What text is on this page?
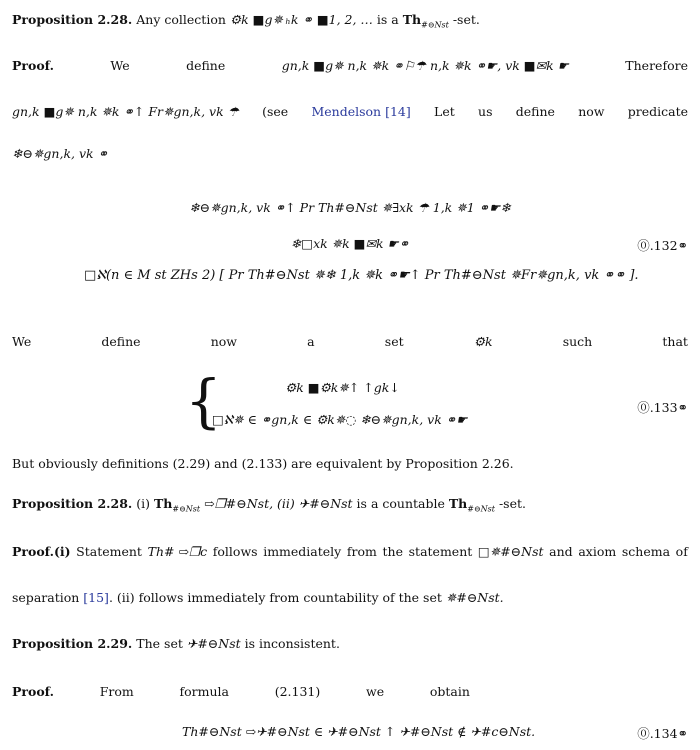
Proposition 2.28. Any collection ⚙k ■g✵ ₕk ⚭ ■1, 2, … is a $Th_{\#⊖Nst}$ -set.
Proof.	We	define	gn,k ■g✵ n,k ✵k ⚭⚐☂ n,k ✵k ⚭☛, vk ■✉k ☛	Therefore
gn,k ■g✵ n,k ✵k ⚭↑ Fr✵gn,k, vk ☂ (see Mendelson [14] Let us define now predicate
❄⊖✵gn,k, vk ⚭
❄⊖✵gn,k, vk ⚭↑ Pr Th#⊖Nst ✵∃xk ☂ 1,k ✵1 ⚭☛❄
❄□xk ✵k ■✉k ☛⚭	⓪.132⚭
□ℵ(n ∈ M st ZHs 2) [ Pr Th#⊖Nst ✵❄ 1,k ✵k ⚭☛↑ Pr Th#⊖Nst ✵Fr✵gn,k, vk ⚭⚭ ].
We	define	now	a	set	⚙k	such	that
{	⚙k ■⚙k✵↑ ↑gk↓
□ℵ✵ ∈ ⚭gn,k ∈ ⚙k✵◌ ❄⊖✵gn,k, vk ⚭☛
⓪.133⚭
But obviously definitions (2.29) and (2.133) are equivalent by Proposition 2.26.
Proposition 2.28. (i) $Th_{\#⊖Nst}$ ⇨❐#⊖Nst, (ii) ✈#⊖Nst is a countable $Th_{\#⊖Nst}$ -set.
Proof.(i) Statement Th# ⇨❐c follows immediately from the statement □✵#⊖Nst and axiom schema of
separation [15]. (ii) follows immediately from countability of the set ✵#⊖Nst.
Proposition 2.29. The set ✈#⊖Nst is inconsistent.
Proof.	From	formula	(2.131)	we	obtain
Th#⊖Nst ⇨✈#⊖Nst ∈ ✈#⊖Nst ↑ ✈#⊖Nst ∉ ✈#c⊖Nst.	⓪.134⚭
